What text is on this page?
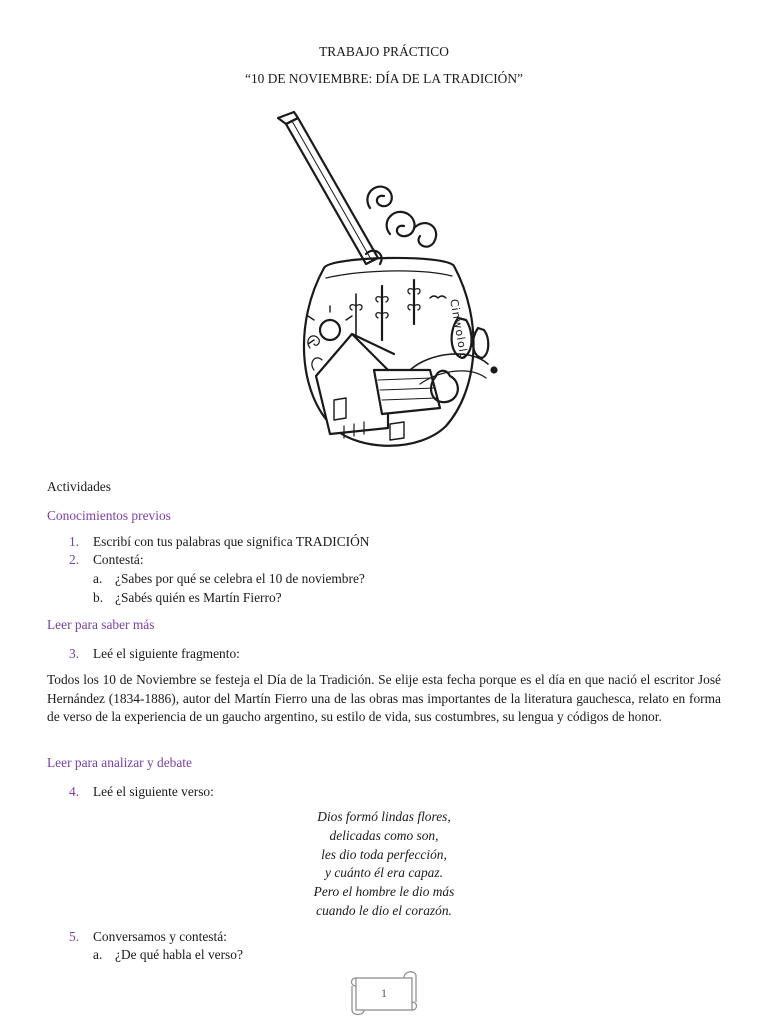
TRABAJO PRÁCTICO
“10 DE NOVIEMBRE: DÍA DE LA TRADICIÓN”
Cinwololo
Actividades
Conocimientos previos
1. Escribí con tus palabras que significa TRADICIÓN
2. Contestá:
a. ¿Sabes por qué se celebra el 10 de noviembre?
b. ¿Sabés quién es Martín Fierro?
Leer para saber más
3. Leé el siguiente fragmento:
Todos los 10 de Noviembre se festeja el Día de la Tradición. Se elije esta fecha porque es el día en que nació el escritor José Hernández (1834-1886), autor del Martín Fierro una de las obras mas importantes de la literatura gauchesca, relato en forma de verso de la experiencia de un gaucho argentino, su estilo de vida, sus costumbres, su lengua y códigos de honor.
Leer para analizar y debate
4. Leé el siguiente verso:
Dios formó lindas flores,
delicadas como son,
les dio toda perfección,
y cuánto él era capaz.
Pero el hombre le dio más
cuando le dio el corazón.
5. Conversamos y contestá:
a. ¿De qué habla el verso?
1
